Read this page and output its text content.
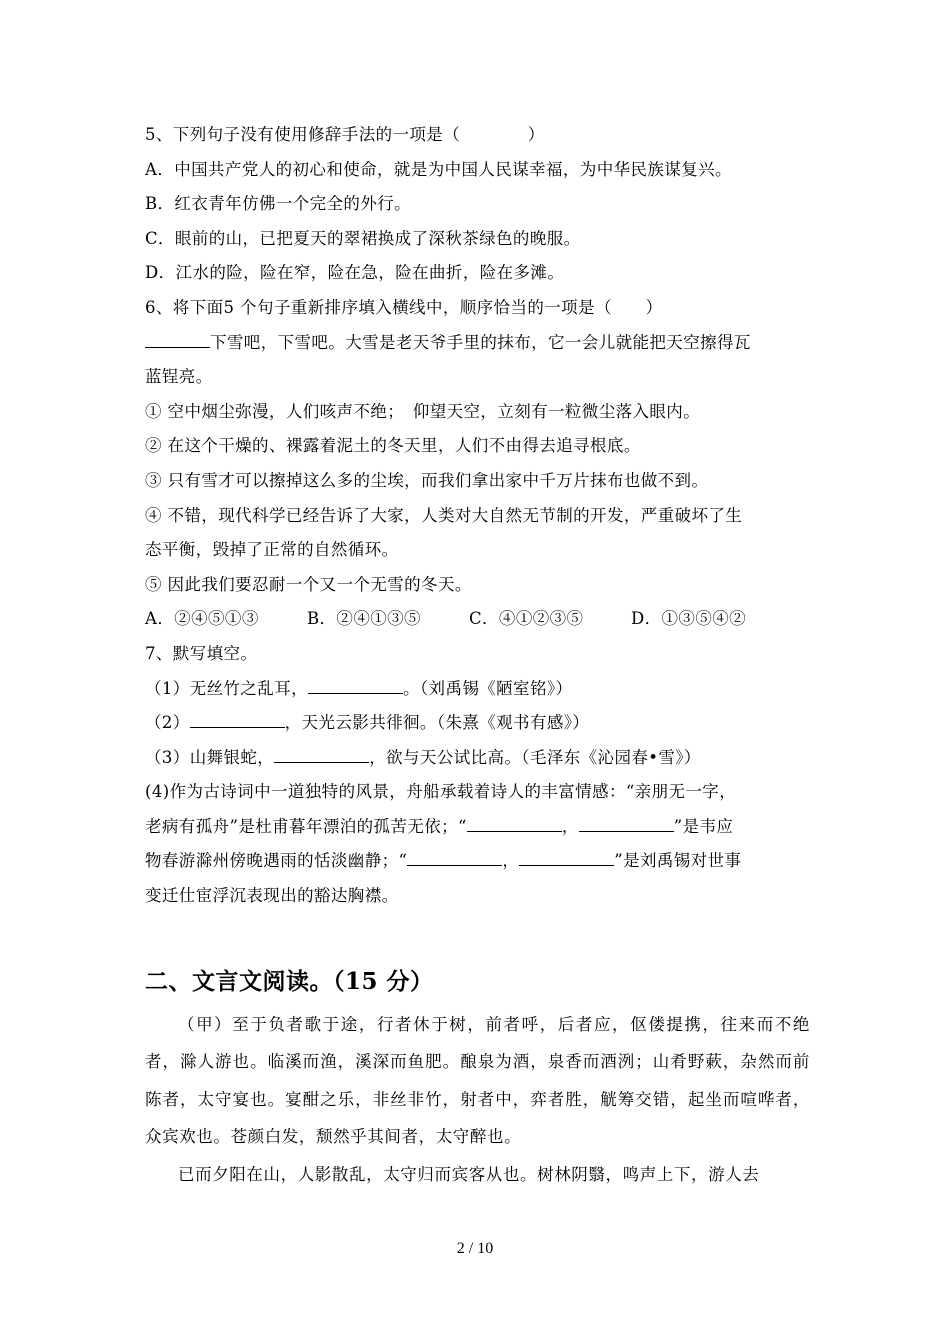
5、下列句子没有使用修辞手法的一项是（　　　　）
A．中国共产党人的初心和使命，就是为中国人民谋幸福，为中华民族谋复兴。
B．红衣青年仿佛一个完全的外行。
C．眼前的山，已把夏天的翠裙换成了深秋茶绿色的晚服。
D．江水的险，险在窄，险在急，险在曲折，险在多滩。
6、将下面5 个句子重新排序填入横线中，顺序恰当的一项是（　　）
下雪吧，下雪吧。大雪是老天爷手里的抹布，它一会儿就能把天空擦得瓦
蓝锃亮。
① 空中烟尘弥漫，人们咳声不绝；　仰望天空，立刻有一粒微尘落入眼内。
② 在这个干燥的、裸露着泥土的冬天里，人们不由得去追寻根底。
③ 只有雪才可以擦掉这么多的尘埃，而我们拿出家中千万片抹布也做不到。
④ 不错，现代科学已经告诉了大家，人类对大自然无节制的开发，严重破坏了生
态平衡，毁掉了正常的自然循环。
⑤ 因此我们要忍耐一个又一个无雪的冬天。
A．②④⑤①③	B．②④①③⑤	C．④①②③⑤	D．①③⑤④②
7、默写填空。
（1）无丝竹之乱耳，	。（刘禹锡《陋室铭》）
（2）	，天光云影共徘徊。（朱熹《观书有感》）
（3）山舞银蛇，	，欲与天公试比高。（毛泽东《沁园春•雪》）
(4)作为古诗词中一道独特的风景，舟船承载着诗人的丰富情感：“亲朋无一字，
老病有孤舟”是杜甫暮年漂泊的孤苦无依；“	，	”是韦应
物春游滁州傍晚遇雨的恬淡幽静；“	，	”是刘禹锡对世事
变迁仕宦浮沉表现出的豁达胸襟。
二、文言文阅读。（15 分）
（甲）至于负者歌于途，行者休于树，前者呼，后者应，伛偻提携，往来而不绝者，滁人游也。临溪而渔，溪深而鱼肥。酿泉为酒，泉香而酒洌；山肴野蔌，杂然而前陈者，太守宴也。宴酣之乐，非丝非竹，射者中，弈者胜，觥筹交错，起坐而喧哗者，众宾欢也。苍颜白发，颓然乎其间者，太守醉也。
已而夕阳在山，人影散乱，太守归而宾客从也。树林阴翳，鸣声上下，游人去
2 / 10
